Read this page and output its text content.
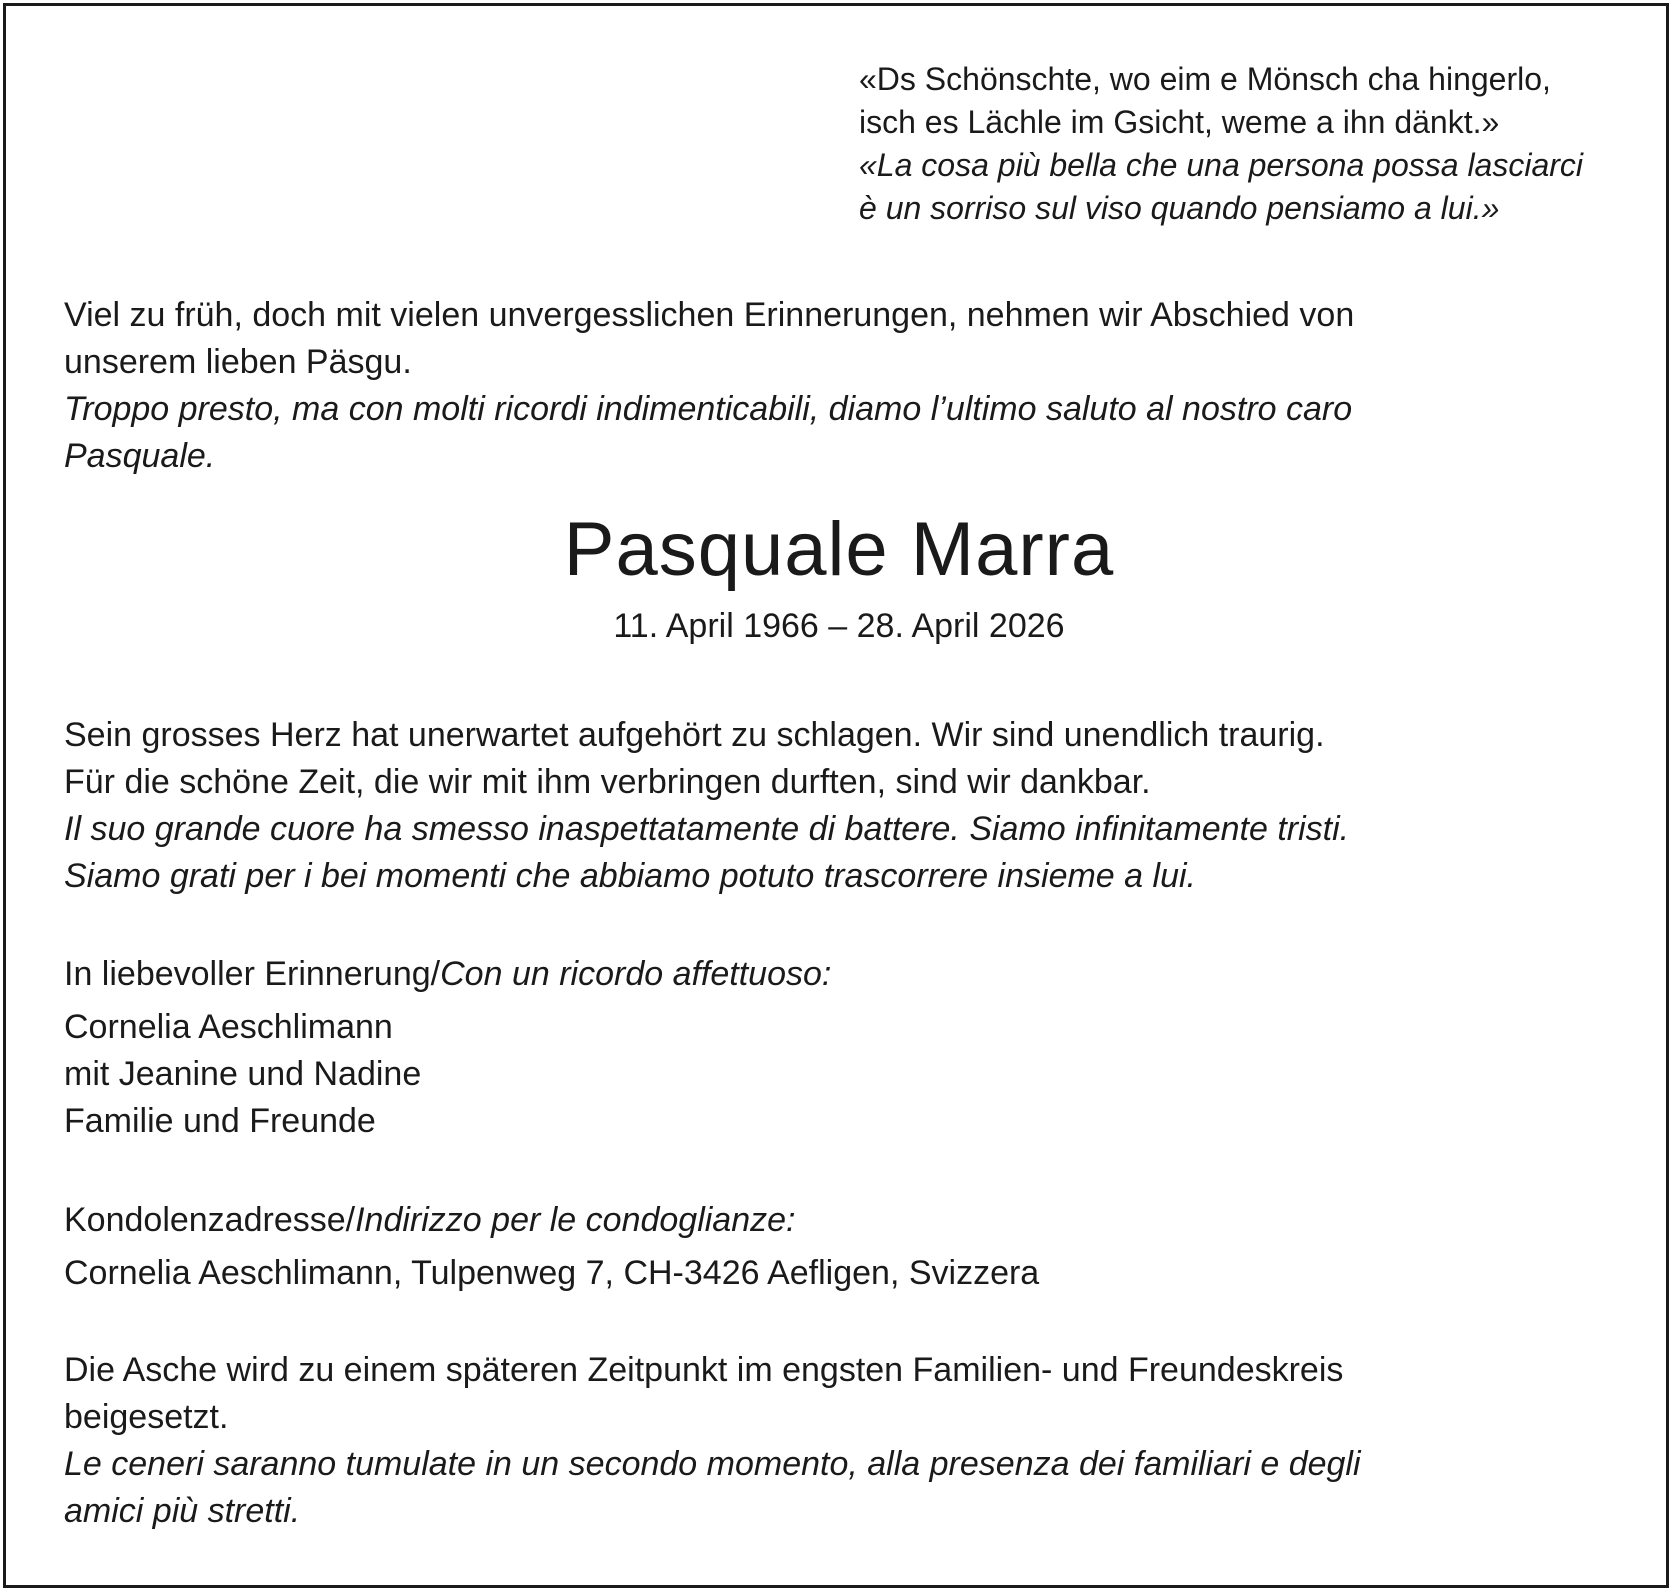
«Ds Schönschte, wo eim e Mönsch cha hingerlo,
isch es Lächle im Gsicht, weme a ihn dänkt.»
«La cosa più bella che una persona possa lasciarci
è un sorriso sul viso quando pensiamo a lui.»
Viel zu früh, doch mit vielen unvergesslichen Erinnerungen, nehmen wir Abschied von
unserem lieben Päsgu.
Troppo presto, ma con molti ricordi indimenticabili, diamo l’ultimo saluto al nostro caro
Pasquale.
Pasquale Marra
11. April 1966 – 28. April 2026
Sein grosses Herz hat unerwartet aufgehört zu schlagen. Wir sind unendlich traurig.
Für die schöne Zeit, die wir mit ihm verbringen durften, sind wir dankbar.
Il suo grande cuore ha smesso inaspettatamente di battere. Siamo infinitamente tristi.
Siamo grati per i bei momenti che abbiamo potuto trascorrere insieme a lui.
In liebevoller Erinnerung/Con un ricordo affettuoso:
Cornelia Aeschlimann
mit Jeanine und Nadine
Familie und Freunde
Kondolenzadresse/Indirizzo per le condoglianze:
Cornelia Aeschlimann, Tulpenweg 7, CH-3426 Aefligen, Svizzera
Die Asche wird zu einem späteren Zeitpunkt im engsten Familien- und Freundeskreis
beigesetzt.
Le ceneri saranno tumulate in un secondo momento, alla presenza dei familiari e degli
amici più stretti.
